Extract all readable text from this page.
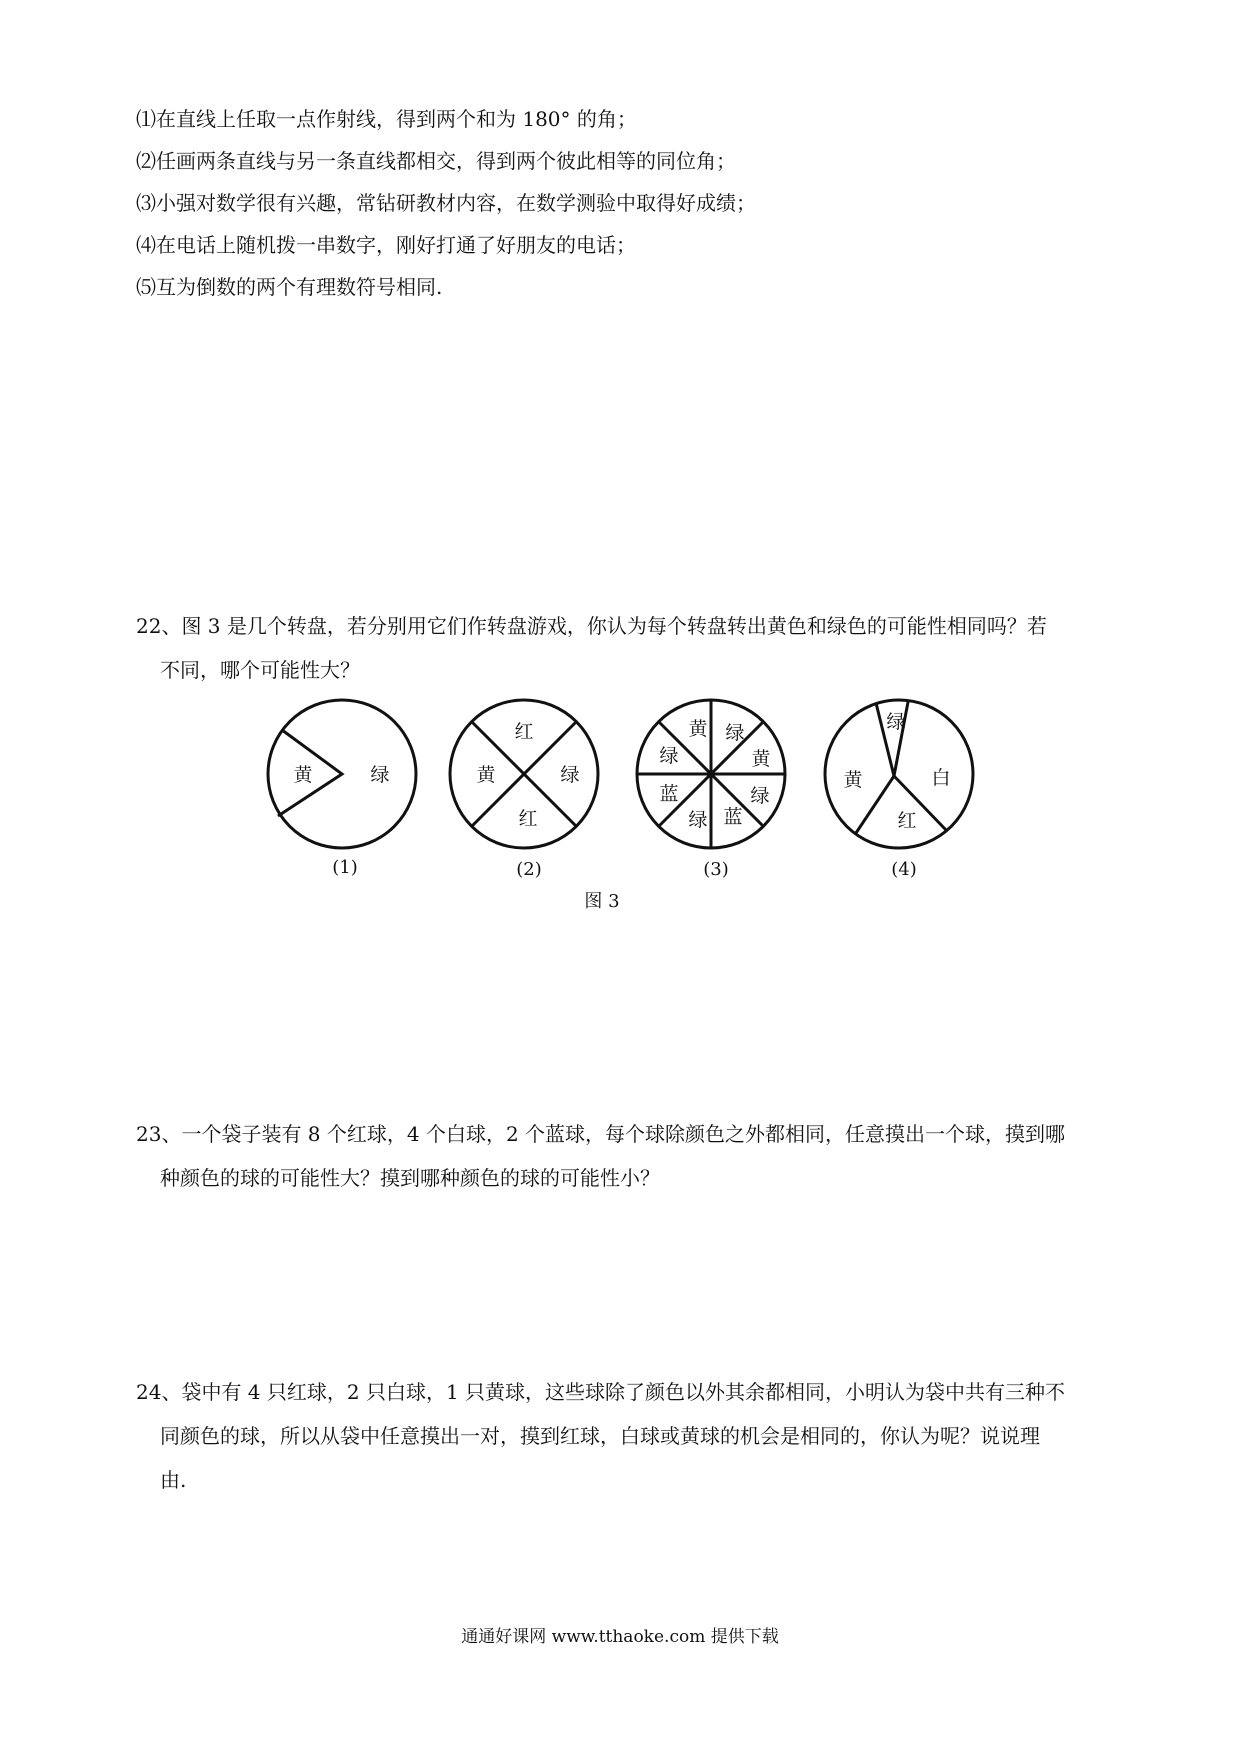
⑴在直线上任取一点作射线，得到两个和为 180° 的角；
⑵任画两条直线与另一条直线都相交，得到两个彼此相等的同位角；
⑶小强对数学很有兴趣，常钻研教材内容，在数学测验中取得好成绩；
⑷在电话上随机拨一串数字，刚好打通了好朋友的电话；
⑸互为倒数的两个有理数符号相同.
22、图 3 是几个转盘，若分别用它们作转盘游戏，你认为每个转盘转出黄色和绿色的可能性相同吗？若
不同，哪个可能性大？
黄	绿
红
黄	绿
红
黄 绿
黄
绿
蓝
绿
蓝
绿
绿
白
红
黄
(1)	(2)	(3)	(4)
图 3
23、一个袋子装有 8 个红球，4 个白球，2 个蓝球，每个球除颜色之外都相同，任意摸出一个球，摸到哪
种颜色的球的可能性大？摸到哪种颜色的球的可能性小？
24、袋中有 4 只红球，2 只白球，1 只黄球，这些球除了颜色以外其余都相同，小明认为袋中共有三种不
同颜色的球，所以从袋中任意摸出一对，摸到红球，白球或黄球的机会是相同的，你认为呢？说说理
由.
通通好课网 www.tthaoke.com 提供下载
